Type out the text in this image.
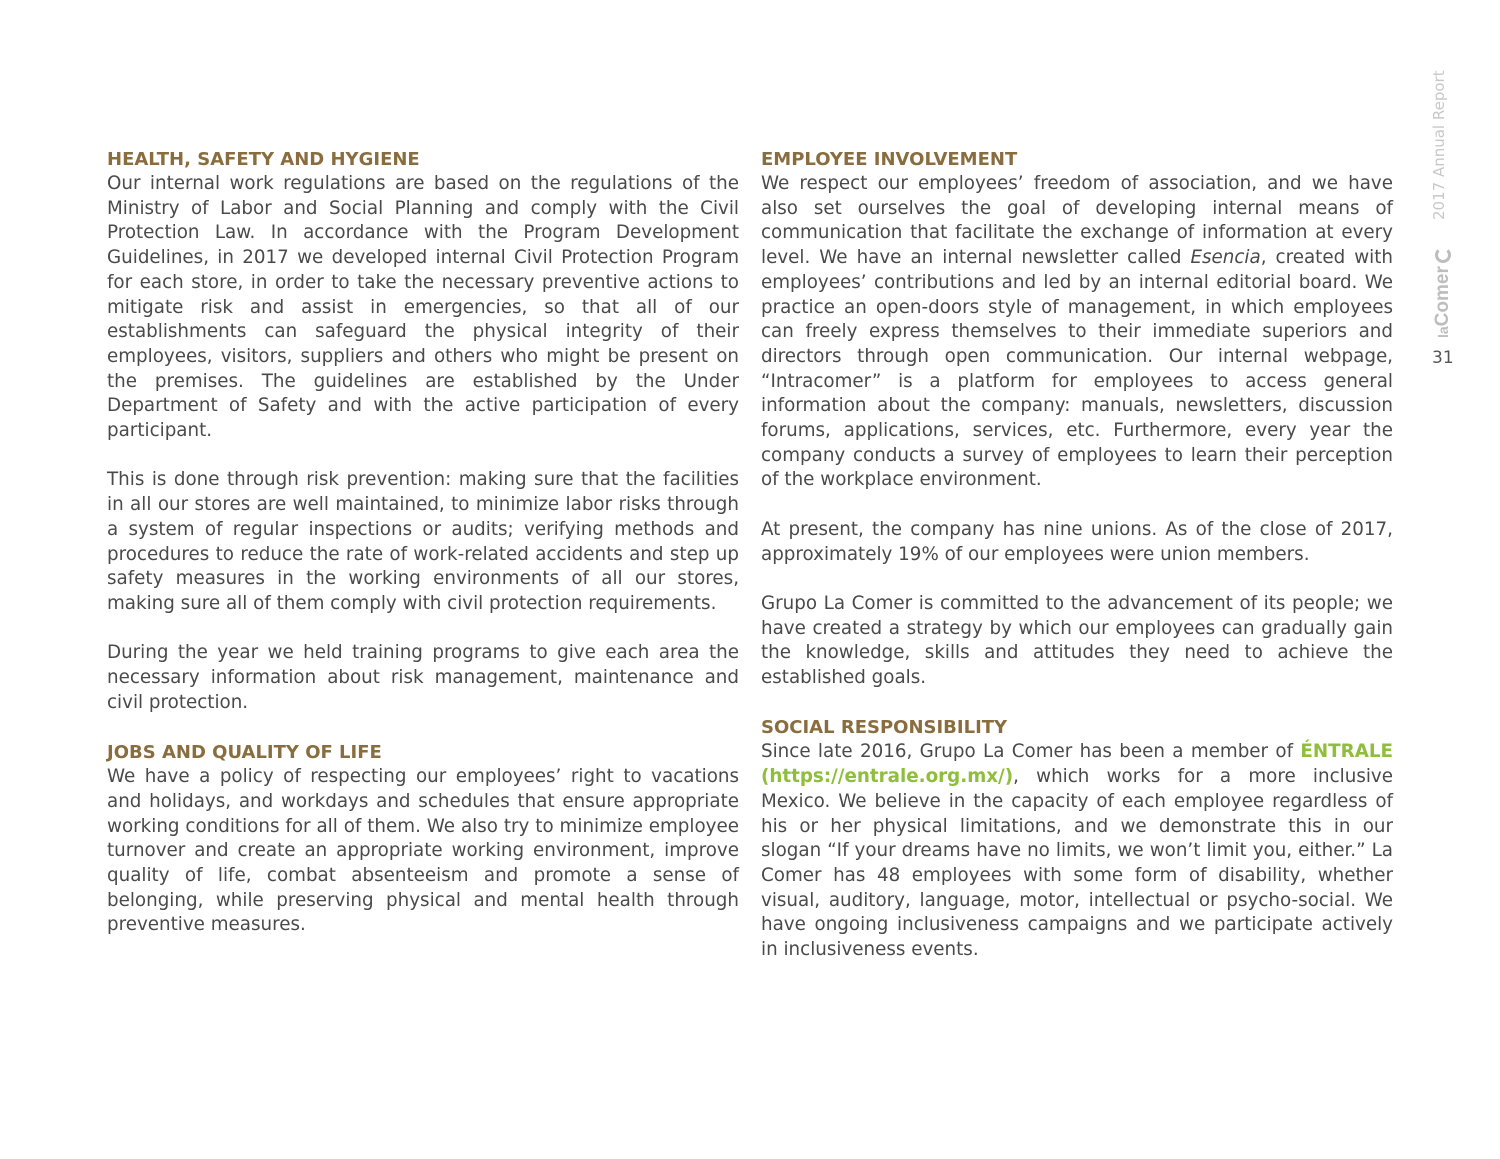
HEALTH, SAFETY AND HYGIENE

Our internal work regulations are based on the regulations of the Ministry of Labor and Social Planning and comply with the Civil Protection Law. In accordance with the Program Development Guidelines, in 2017 we developed internal Civil Protection Program for each store, in order to take the necessary preventive actions to mitigate risk and assist in emergencies, so that all of our establishments can safeguard the physical integrity of their employees, visitors, suppliers and others who might be present on the premises. The guidelines are established by the Under Department of Safety and with the active participation of every participant.

This is done through risk prevention: making sure that the facilities in all our stores are well maintained, to minimize labor risks through a system of regular inspections or audits; verifying methods and procedures to reduce the rate of work-related accidents and step up safety measures in the working environments of all our stores, making sure all of them comply with civil protection requirements.

During the year we held training programs to give each area the necessary information about risk management, maintenance and civil protection.

JOBS AND QUALITY OF LIFE

We have a policy of respecting our employees’ right to vacations and holidays, and workdays and schedules that ensure appropriate working conditions for all of them. We also try to minimize employee turnover and create an appropriate working environment, improve quality of life, combat absenteeism and promote a sense of belonging, while preserving physical and mental health through preventive measures.

EMPLOYEE INVOLVEMENT

We respect our employees’ freedom of association, and we have also set ourselves the goal of developing internal means of communication that facilitate the exchange of information at every level. We have an internal newsletter called Esencia, created with employees’ contributions and led by an internal editorial board. We practice an open-doors style of management, in which employees can freely express themselves to their immediate superiors and directors through open communication. Our internal webpage, “Intracomer” is a platform for employees to access general information about the company: manuals, newsletters, discussion forums, applications, services, etc. Furthermore, every year the company conducts a survey of employees to learn their perception of the workplace environment.

At present, the company has nine unions. As of the close of 2017, approximately 19% of our employees were union members.

Grupo La Comer is committed to the advancement of its people; we have created a strategy by which our employees can gradually gain the knowledge, skills and attitudes they need to achieve the established goals.

SOCIAL RESPONSIBILITY

Since late 2016, Grupo La Comer has been a member of ÉNTRALE (https://entrale.org.mx/), which works for a more inclusive Mexico. We believe in the capacity of each employee regardless of his or her physical limitations, and we demonstrate this in our slogan “If your dreams have no limits, we won’t limit you, either.” La Comer has 48 employees with some form of disability, whether visual, auditory, language, motor, intellectual or psycho-social. We have ongoing inclusiveness campaigns and we participate actively in inclusiveness events.

2017 Annual Report
laComer
31
